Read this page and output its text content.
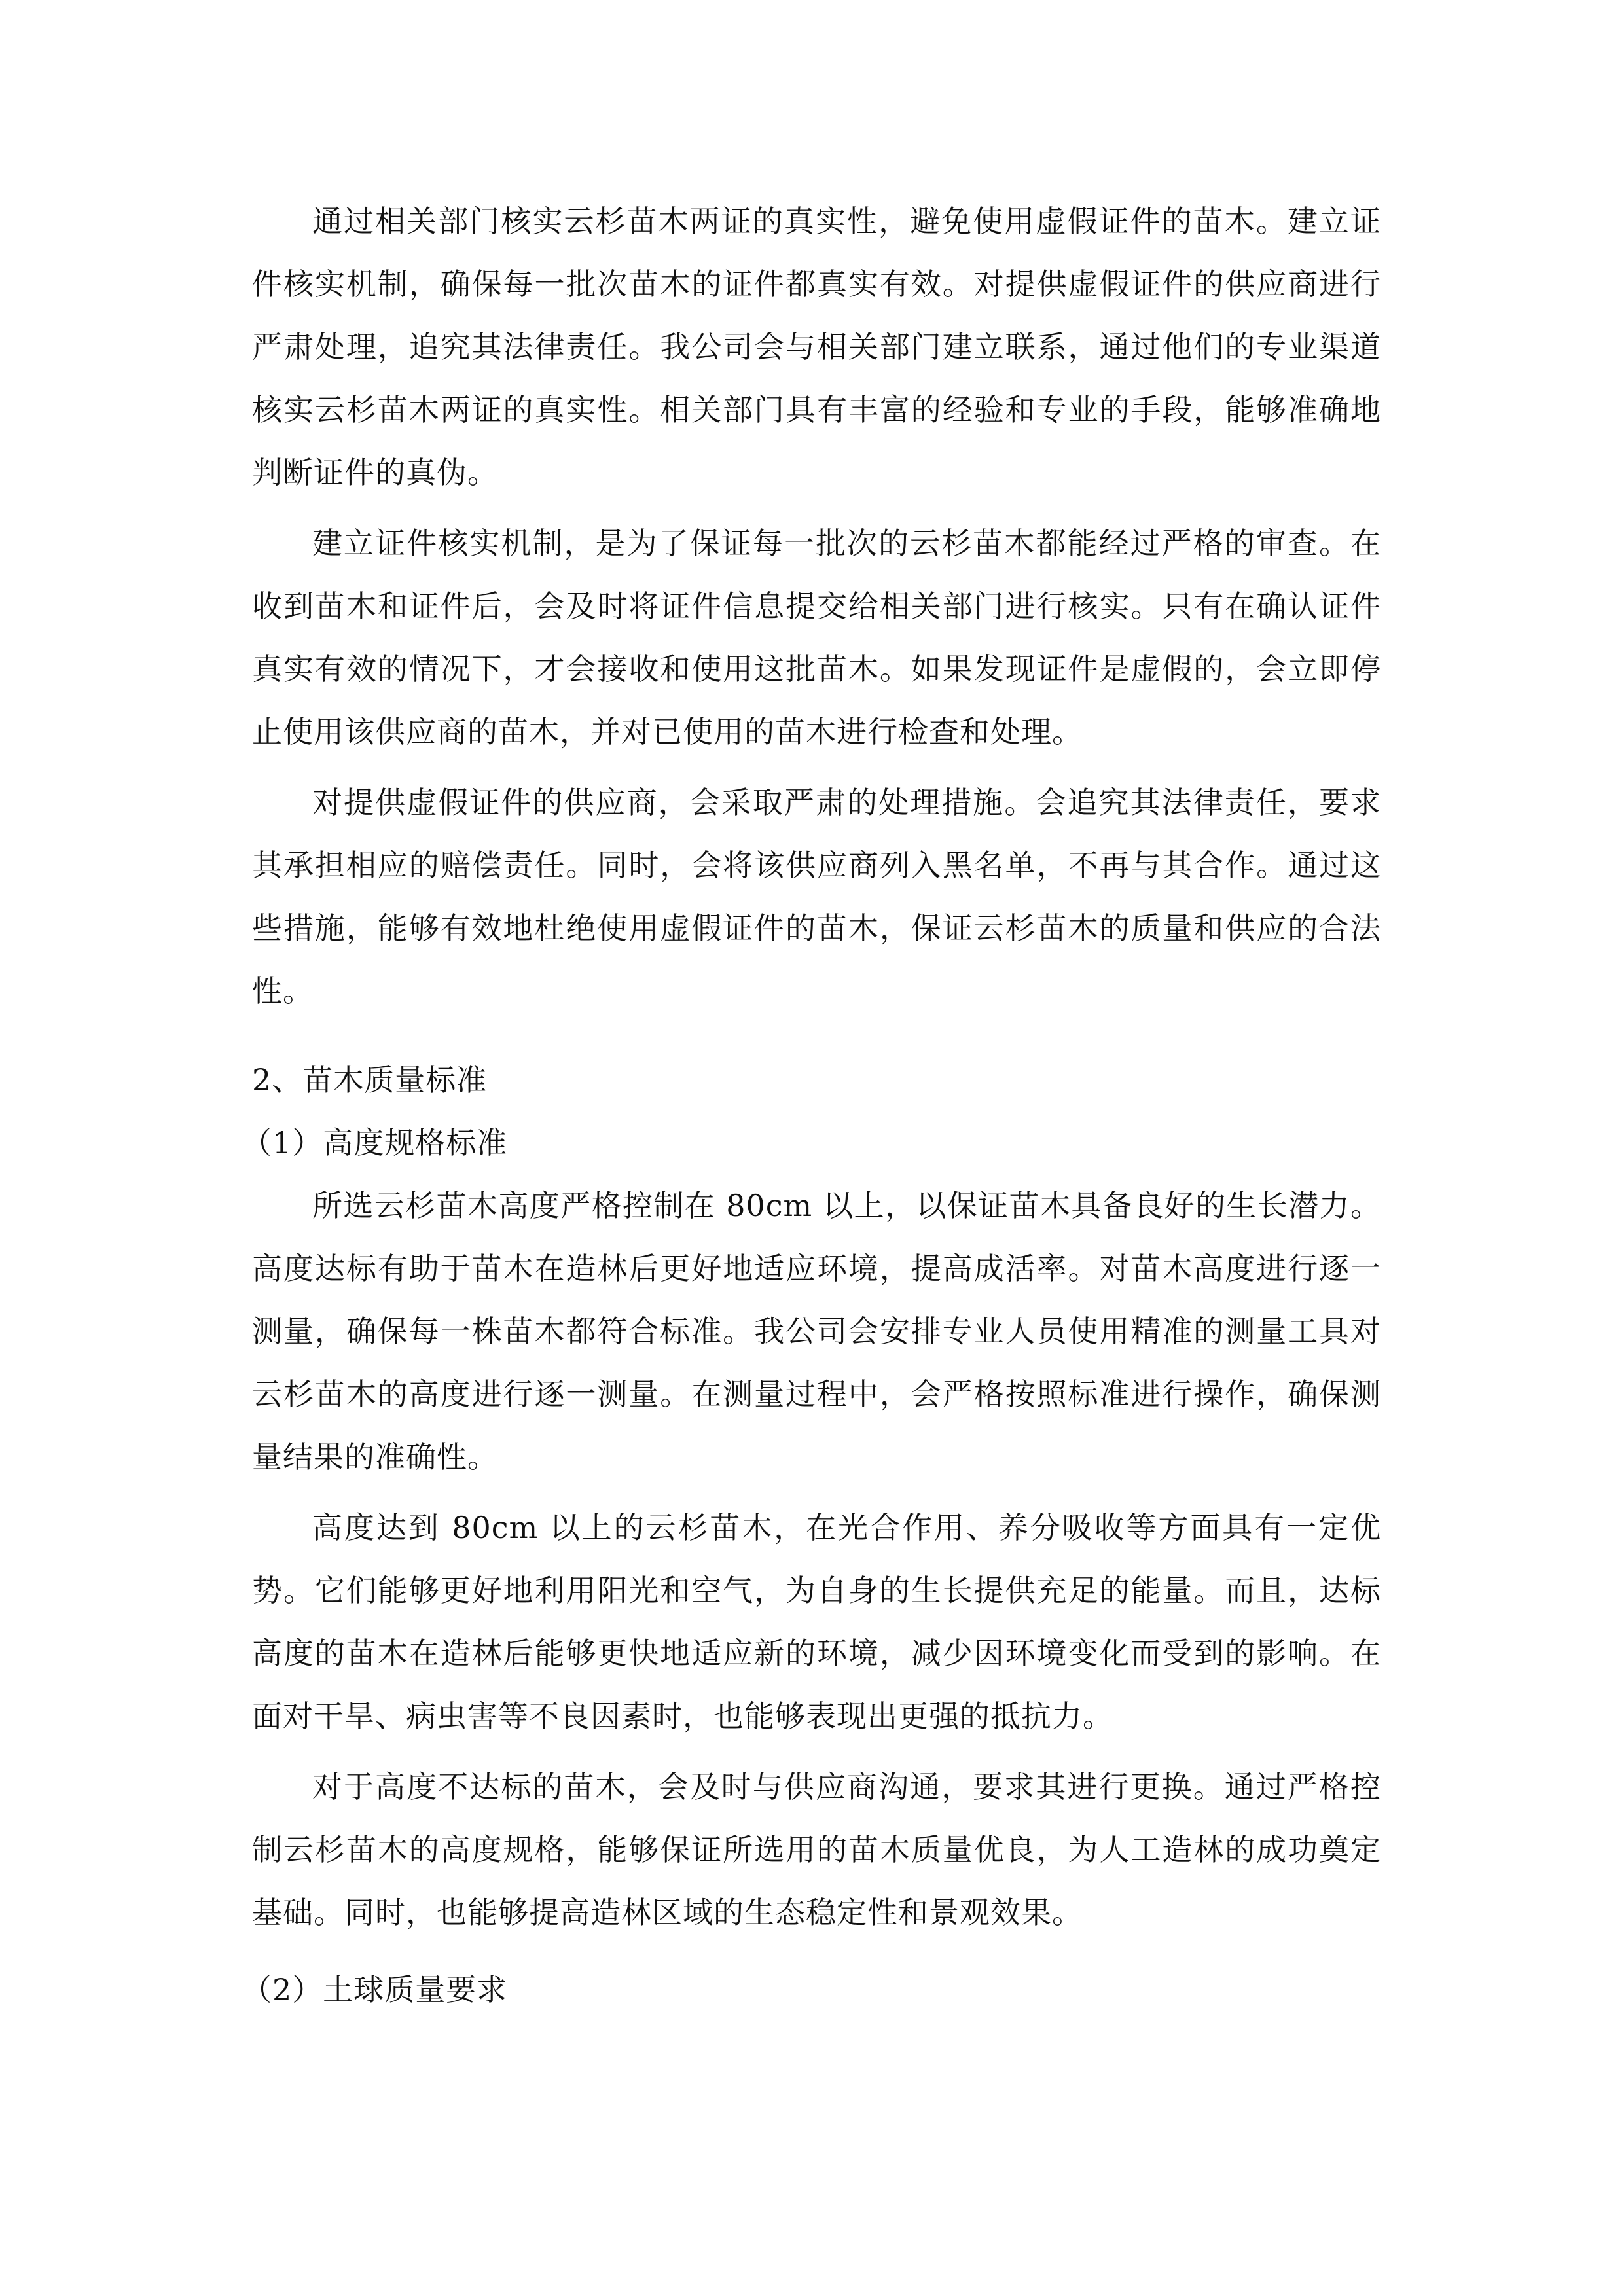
通过相关部门核实云杉苗木两证的真实性，避免使用虚假证件的苗木。建立证件核实机制，确保每一批次苗木的证件都真实有效。对提供虚假证件的供应商进行严肃处理，追究其法律责任。我公司会与相关部门建立联系，通过他们的专业渠道核实云杉苗木两证的真实性。相关部门具有丰富的经验和专业的手段，能够准确地判断证件的真伪。

建立证件核实机制，是为了保证每一批次的云杉苗木都能经过严格的审查。在收到苗木和证件后，会及时将证件信息提交给相关部门进行核实。只有在确认证件真实有效的情况下，才会接收和使用这批苗木。如果发现证件是虚假的，会立即停止使用该供应商的苗木，并对已使用的苗木进行检查和处理。

对提供虚假证件的供应商，会采取严肃的处理措施。会追究其法律责任，要求其承担相应的赔偿责任。同时，会将该供应商列入黑名单，不再与其合作。通过这些措施，能够有效地杜绝使用虚假证件的苗木，保证云杉苗木的质量和供应的合法性。

2、苗木质量标准

（1）高度规格标准

所选云杉苗木高度严格控制在 80cm 以上，以保证苗木具备良好的生长潜力。高度达标有助于苗木在造林后更好地适应环境，提高成活率。对苗木高度进行逐一测量，确保每一株苗木都符合标准。我公司会安排专业人员使用精准的测量工具对云杉苗木的高度进行逐一测量。在测量过程中，会严格按照标准进行操作，确保测量结果的准确性。

高度达到 80cm 以上的云杉苗木，在光合作用、养分吸收等方面具有一定优势。它们能够更好地利用阳光和空气，为自身的生长提供充足的能量。而且，达标高度的苗木在造林后能够更快地适应新的环境，减少因环境变化而受到的影响。在面对干旱、病虫害等不良因素时，也能够表现出更强的抵抗力。

对于高度不达标的苗木，会及时与供应商沟通，要求其进行更换。通过严格控制云杉苗木的高度规格，能够保证所选用的苗木质量优良，为人工造林的成功奠定基础。同时，也能够提高造林区域的生态稳定性和景观效果。

（2）土球质量要求
